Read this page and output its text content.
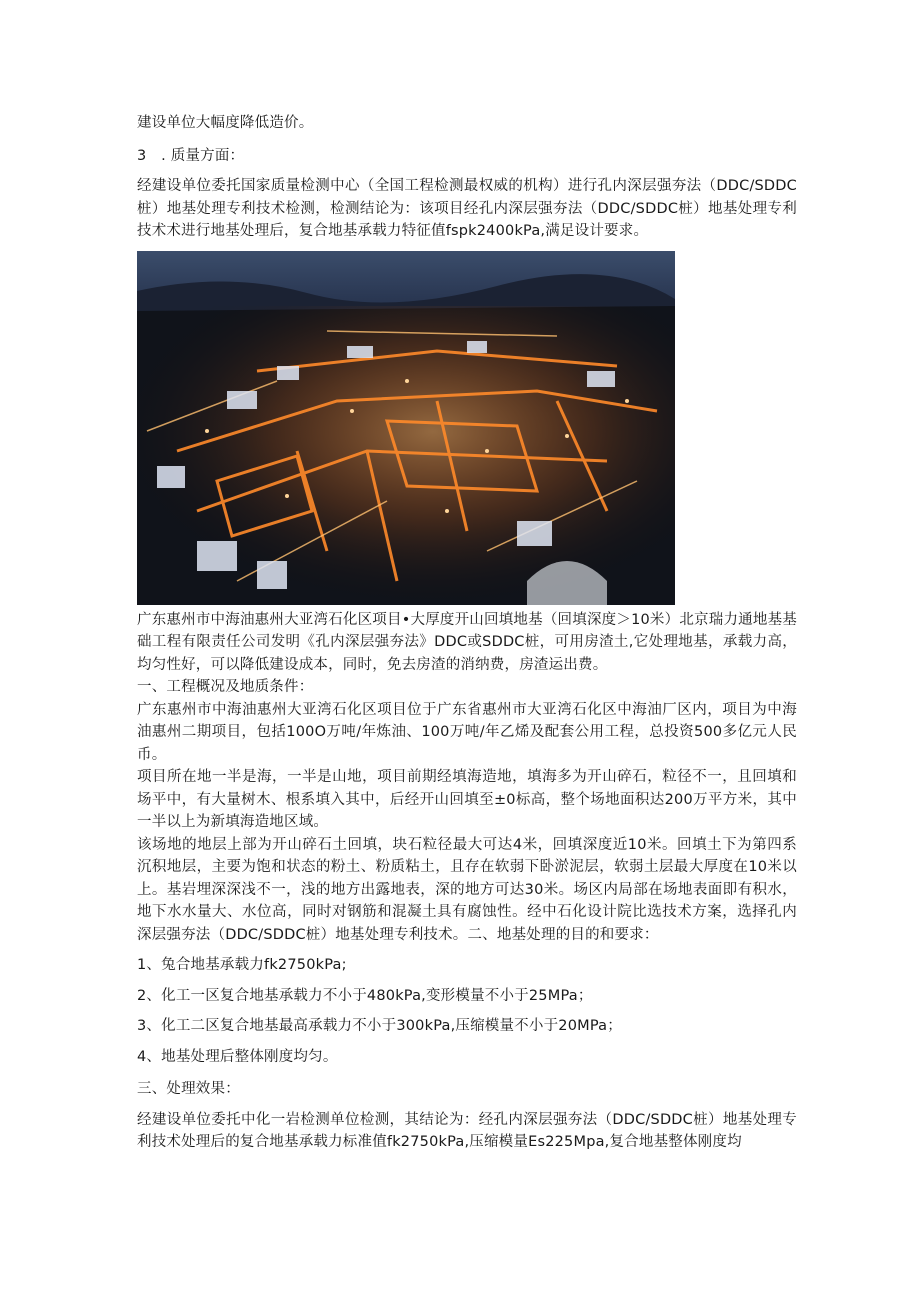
建设单位大幅度降低造价。

3　. 质量方面：

经建设单位委托国家质量检测中心（全国工程检测最权威的机构）进行孔内深层强夯法（DDC/SDDC桩）地基处理专利技术检测，检测结论为：该项目经孔内深层强夯法（DDC/SDDC桩）地基处理专利技术术进行地基处理后，复合地基承载力特征值fspk2400kPa,满足设计要求。

广东惠州市中海油惠州大亚湾石化区项目•大厚度开山回填地基（回填深度＞10米）北京瑞力通地基基础工程有限责任公司发明《孔内深层强夯法》DDC或SDDC桩，可用房渣土,它处理地基，承载力高，均匀性好，可以降低建设成本，同时，免去房渣的消纳费，房渣运出费。

一、工程概况及地质条件：

广东惠州市中海油惠州大亚湾石化区项目位于广东省惠州市大亚湾石化区中海油厂区内，项目为中海油惠州二期项目，包括100O万吨/年炼油、100万吨/年乙烯及配套公用工程，总投资500多亿元人民币。

项目所在地一半是海，一半是山地，项目前期经填海造地，填海多为开山碎石，粒径不一，且回填和场平中，有大量树木、根系填入其中，后经开山回填至±0标高，整个场地面积达200万平方米，其中一半以上为新填海造地区域。

该场地的地层上部为开山碎石土回填，块石粒径最大可达4米，回填深度近10米。回填土下为第四系沉积地层，主要为饱和状态的粉土、粉质粘土，且存在软弱下卧淤泥层，软弱土层最大厚度在10米以上。基岩埋深深浅不一，浅的地方出露地表，深的地方可达30米。场区内局部在场地表面即有积水，地下水水量大、水位高，同时对钢筋和混凝土具有腐蚀性。经中石化设计院比选技术方案，选择孔内深层强夯法（DDC/SDDC桩）地基处理专利技术。二、地基处理的目的和要求：

1、兔合地基承载力fk2750kPa;

2、化工一区复合地基承载力不小于480kPa,变形模量不小于25MPa；

3、化工二区复合地基最高承载力不小于300kPa,压缩模量不小于20MPa；

4、地基处理后整体刚度均匀。

三、处理效果：

经建设单位委托中化一岩检测单位检测，其结论为：经孔内深层强夯法（DDC/SDDC桩）地基处理专利技术处理后的复合地基承载力标准值fk2750kPa,压缩模量Es225Mpa,复合地基整体刚度均
